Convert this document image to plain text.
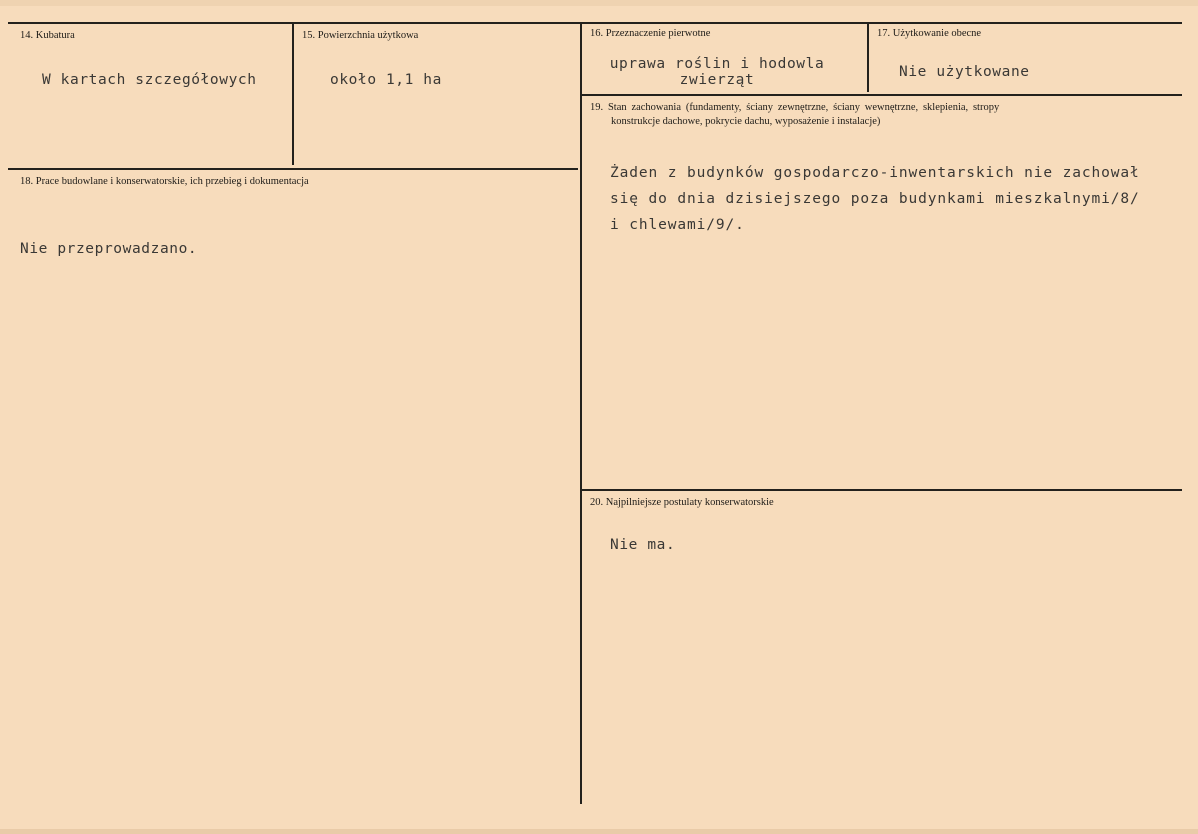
14. Kubatura
W kartach szczegółowych
15. Powierzchnia użytkowa
około 1,1 ha
16. Przeznaczenie pierwotne
uprawa roślin i hodowla zwierząt
17. Użytkowanie obecne
Nie użytkowane
18. Prace budowlane i konserwatorskie, ich przebieg i dokumentacja
Nie przeprowadzano.
19. Stan zachowania (fundamenty, ściany zewnętrzne, ściany wewnętrzne, sklepienia, stropy
konstrukcje dachowe, pokrycie dachu, wyposażenie i instalacje)
Żaden z budynków gospodarczo-inwentarskich nie zachował
się do dnia dzisiejszego poza budynkami mieszkalnymi/8/
i chlewami/9/.
20. Najpilniejsze postulaty konserwatorskie
Nie ma.
